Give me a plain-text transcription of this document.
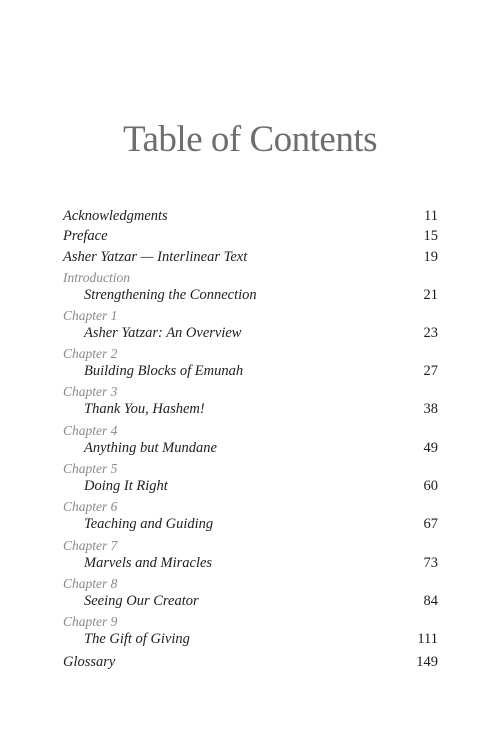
Table of Contents
Acknowledgments	11
Preface	15
Asher Yatzar — Interlinear Text	19
Introduction
Strengthening the Connection	21
Chapter 1
Asher Yatzar: An Overview	23
Chapter 2
Building Blocks of Emunah	27
Chapter 3
Thank You, Hashem!	38
Chapter 4
Anything but Mundane	49
Chapter 5
Doing It Right	60
Chapter 6
Teaching and Guiding	67
Chapter 7
Marvels and Miracles	73
Chapter 8
Seeing Our Creator	84
Chapter 9
The Gift of Giving	111
Glossary	149
